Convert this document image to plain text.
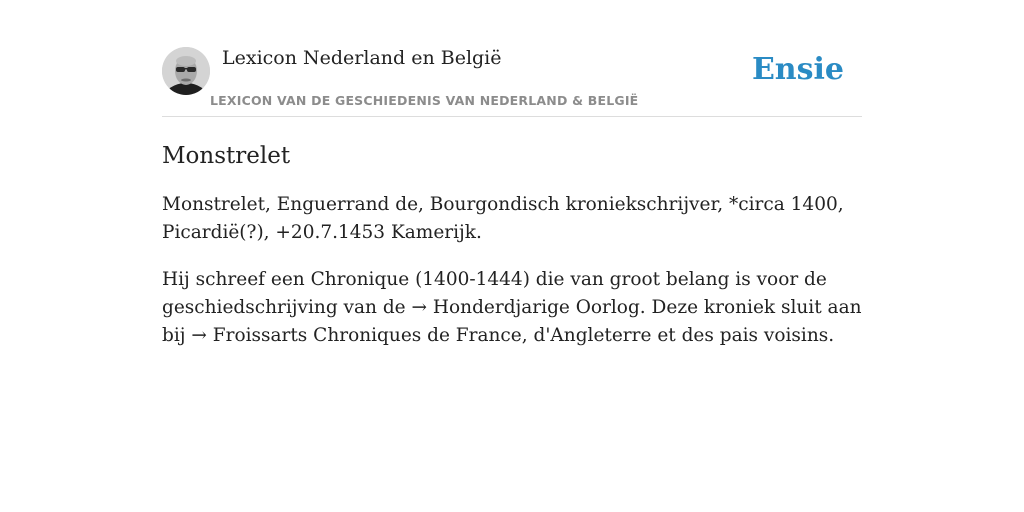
Lexicon Nederland en België
LEXICON VAN DE GESCHIEDENIS VAN NEDERLAND & BELGIË
Ensie
Monstrelet

Monstrelet, Enguerrand de, Bourgondisch kroniekschrijver, *circa 1400, Picardië(?), +20.7.1453 Kamerijk.

Hij schreef een Chronique (1400-1444) die van groot belang is voor de geschiedschrijving van de → Honderdjarige Oorlog. Deze kroniek sluit aan bij → Froissarts Chroniques de France, d'Angleterre et des pais voisins.
